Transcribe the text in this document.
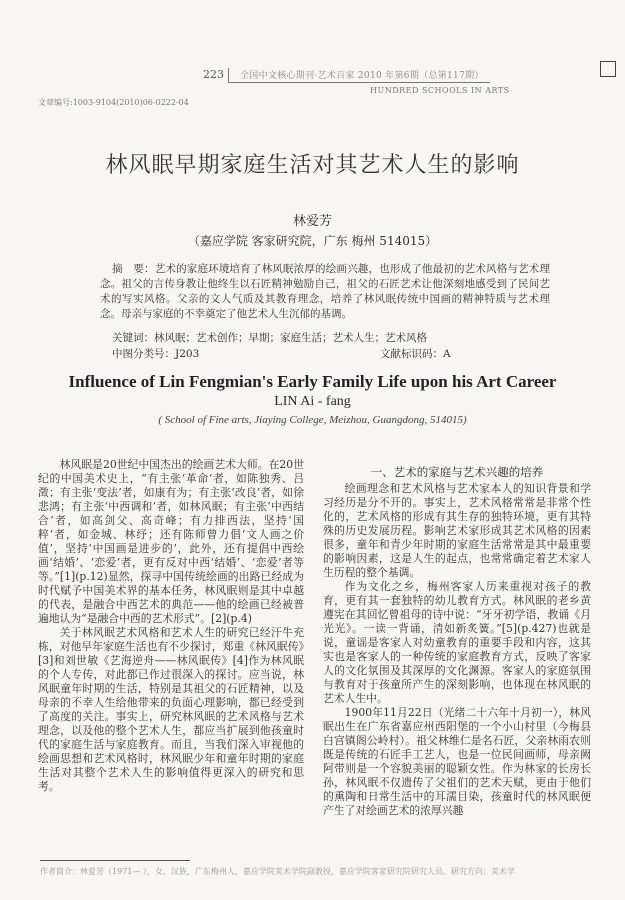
223 全国中文核心期刊·艺术百家 2010 年第6期（总第117期）
HUNDRED SCHOOLS IN ARTS
文章编号:1003-9104(2010)06-0222-04
林风眠早期家庭生活对其艺术人生的影响
林爱芳
（嘉应学院 客家研究院，广东 梅州 514015）
摘　要：艺术的家庭环境培育了林风眠浓厚的绘画兴趣，也形成了他最初的艺术风格与艺术理念。祖父的言传身教让他终生以石匠精神勉励自己，祖父的石匠艺术让他深刻地感受到了民间艺术的写实风格。父亲的文人气质及其教育理念，培养了林风眠传统中国画的精神特质与艺术理念。母亲与家庭的不幸奠定了他艺术人生沉郁的基调。
关键词：林风眠；艺术创作；早期；家庭生活；艺术人生；艺术风格
中图分类号：J203	文献标识码：A
Influence of Lin Fengmian's Early Family Life upon his Art Career
LIN Ai - fang
( School of Fine arts, Jiaying College, Meizhou, Guangdong, 514015)

林风眠是20世纪中国杰出的绘画艺术大师。在20世纪的中国美术史上，“有主张‘革命’者，如陈独秀、吕澂；有主张‘变法’者，如康有为；有主张‘改良’者，如徐悲鸿；有主张‘中西调和’者，如林风眠；有主张‘中西结合’者，如高剑父、高奇峰；有力排西法，坚持‘国粹’者，如金城、林纾；还有陈师曾力倡‘文人画之价值’，坚持‘中国画是进步的’，此外，还有提倡中西绘画‘结婚’、‘恋爱’者，更有反对中西‘结婚’、‘恋爱’者等等。”[1](p.12)显然，探寻中国传统绘画的出路已经成为时代赋予中国美术界的基本任务，林风眠则是其中卓越的代表，是融合中西艺术的典范——他的绘画已经被普遍地认为“是融合中西的艺术形式”。[2](p.4)

关于林风眠艺术风格和艺术人生的研究已经汗牛充栋，对他早年家庭生活也有不少探讨，郑重《林风眠传》[3]和刘世敏《艺海逆舟——林风眠传》[4]作为林风眠的个人专传，对此都已作过很深入的探讨。应当说，林风眠童年时期的生活，特别是其祖父的石匠精神，以及母亲的不幸人生给他带来的负面心理影响，都已经受到了高度的关注。事实上，研究林风眠的艺术风格与艺术理念，以及他的整个艺术人生，都应当扩展到他孩童时代的家庭生活与家庭教育。而且，当我们深入审视他的绘画思想和艺术风格时，林风眠少年和童年时期的家庭生活对其整个艺术人生的影响值得更深入的研究和思考。

一、艺术的家庭与艺术兴趣的培养

绘画理念和艺术风格与艺术家本人的知识背景和学习经历是分不开的。事实上，艺术风格常常是非常个性化的，艺术风格的形成有其生存的独特环境，更有其特殊的历史发展历程。影响艺术家形成其艺术风格的因素很多，童年和青少年时期的家庭生活常常是其中最重要的影响因素，这是人生的起点，也常常确定着艺术家人生历程的整个基调。

作为文化之乡，梅州客家人历来重视对孩子的教育，更有其一套独特的幼儿教育方式。林风眠的老乡黄遵宪在其回忆曾祖母的诗中说：“牙牙初学语，教诵《月光光》。一读一背诵，清如新炙簧。”[5](p.427)也就是说，童谣是客家人对幼童教育的重要手段和内容，这其实也是客家人的一种传统的家庭教育方式，反映了客家人的文化氛围及其深厚的文化渊源。客家人的家庭氛围与教育对于孩童所产生的深刻影响，也体现在林风眠的艺术人生中。

1900年11月22日（光绪二十六年十月初一），林风眠出生在广东省嘉应州西阳堡的一个小山村里（今梅县白宫镇阁公岭村）。祖父林维仁是名石匠，父亲林雨农则既是传统的石匠手工艺人，也是一位民间画师，母亲阙阿带则是一个容貌美丽的聪颖女性。作为林家的长房长孙，林风眠不仅遗传了父祖们的艺术天赋，更由于他们的熏陶和日常生活中的耳濡目染，孩童时代的林风眠便产生了对绘画艺术的浓厚兴趣

作者简介：林爱芳（1971— ），女，汉族，广东梅州人，嘉应学院美术学院副教授，嘉应学院客家研究院研究人员。研究方向：美术学
